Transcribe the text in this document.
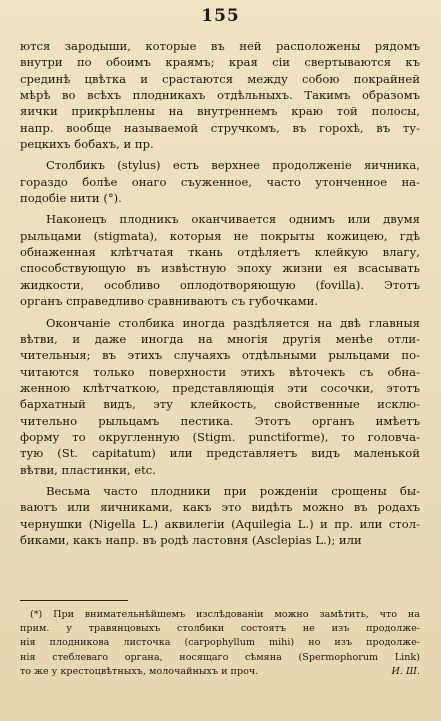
155
ются зародыши, которые въ ней расположены рядомъ
внутри по обоимъ краямъ; края сіи свертываются къ
срединѣ цвѣтка и срастаются между собою покрайней
мѣрѣ во всѣхъ плодникахъ отдѣльныхъ. Такимъ образомъ
яички прикрѣплены на внутреннемъ краю той полосы,
напр. вообще называемой стручкомъ, въ горохѣ, въ ту-
рецкихъ бобахъ, и пр.
Столбикъ (stylus) есть верхнее продолженіе яичника,
гораздо болѣе онаго съуженное, часто утонченное на-
подобіе нити (°).
Наконецъ плодникъ оканчивается однимъ или двумя
рыльцами (stigmata), которыя не покрыты кожицею, гдѣ
обнаженная клѣтчатая ткань отдѣляетъ клейкую влагу,
способствующую въ извѣстную эпоху жизни ея всасывать
жидкости, особливо оплодотворяющую (fovilla). Этотъ
органъ справедливо сравниваютъ съ губочками.
Окончаніе столбика иногда раздѣляется на двѣ главныя
вѣтви, и даже иногда на многія другія менѣе отли-
чительныя; въ этихъ случаяхъ отдѣльными рыльцами по-
читаются только поверхности этихъ вѣточекъ съ обна-
женною клѣтчаткою, представляющія эти сосочки, этотъ
бархатный видъ, эту клейкость, свойственные исклю-
чительно рыльцамъ пестика. Этотъ органъ имѣетъ
форму то округленную (Stigm. punctiforme), то головча-
тую (St. capitatum) или представляетъ видъ маленькой
вѣтви, пластинки, etc.
Весьма часто плодники при рожденіи срощены бы-
ваютъ или яичниками, какъ это видѣть можно въ родахъ
чернушки (Nigella L.) аквилегіи (Aquilegia L.) и пр. или стол-
биками, какъ напр. въ родѣ ластовня (Asclepias L.); или
(*) При внимательнѣйшемъ изслѣдованіи можно замѣтить, что на
прим. у травянцовыхъ столбики состоятъ не изъ продолже-
нія плодникова листочка (carpophyllum mihi) но изъ продолже-
нія стеблеваго органа, носящаго сѣмяна (Spermophorum Link)
то же у крестоцвѣтныхъ, молочайныхъ и проч.	И. Ш.
